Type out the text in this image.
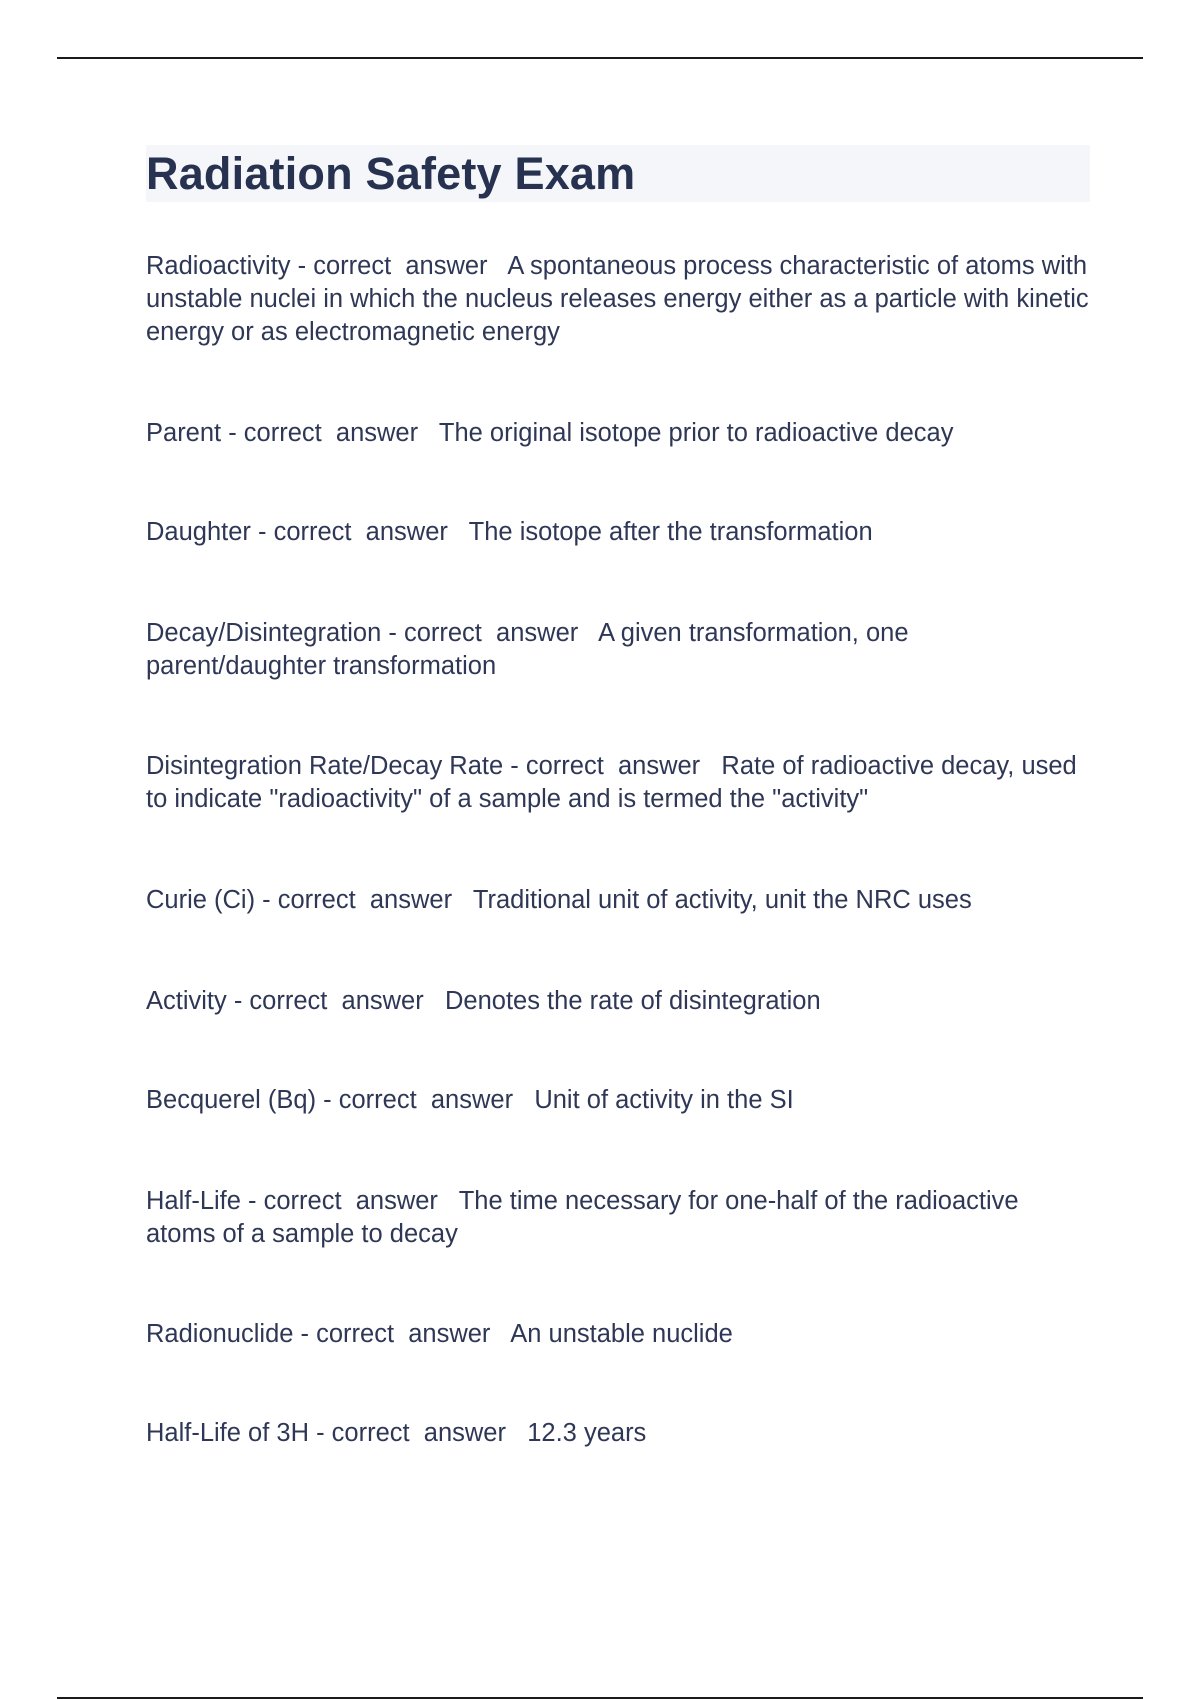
Radiation Safety Exam
Radioactivity - correct  answer   A spontaneous process characteristic of atoms with unstable nuclei in which the nucleus releases energy either as a particle with kinetic energy or as electromagnetic energy
Parent - correct  answer   The original isotope prior to radioactive decay
Daughter - correct  answer   The isotope after the transformation
Decay/Disintegration - correct  answer   A given transformation, one parent/daughter transformation
Disintegration Rate/Decay Rate - correct  answer   Rate of radioactive decay, used to indicate "radioactivity" of a sample and is termed the "activity"
Curie (Ci) - correct  answer   Traditional unit of activity, unit the NRC uses
Activity - correct  answer   Denotes the rate of disintegration
Becquerel (Bq) - correct  answer   Unit of activity in the SI
Half-Life - correct  answer   The time necessary for one-half of the radioactive atoms of a sample to decay
Radionuclide - correct  answer   An unstable nuclide
Half-Life of 3H - correct  answer   12.3 years
